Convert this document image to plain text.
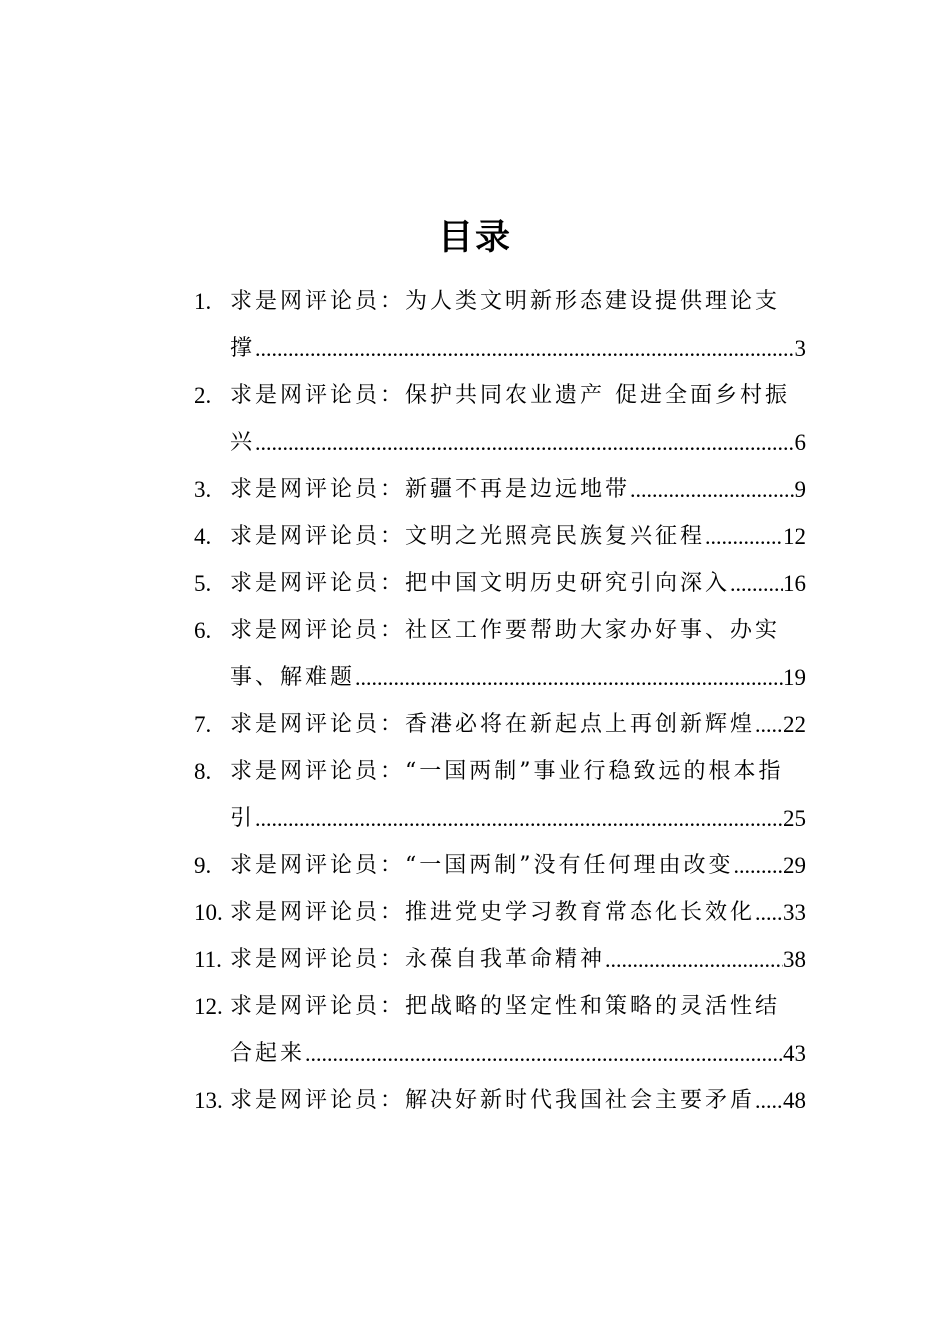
目录
1. 求是网评论员：为人类文明新形态建设提供理论支
撑 .....	3
2. 求是网评论员：保护共同农业遗产 促进全面乡村振
兴 .....	6
3. 求是网评论员：新疆不再是边远地带 .....	9
4. 求是网评论员：文明之光照亮民族复兴征程 .....	12
5. 求是网评论员：把中国文明历史研究引向深入 ..... 16
6. 求是网评论员：社区工作要帮助大家办好事、办实
事、解难题 .....	19
7. 求是网评论员：香港必将在新起点上再创新辉煌 ..... 22
8. 求是网评论员：“一国两制”事业行稳致远的根本指
引 .....	25
9. 求是网评论员：“一国两制”没有任何理由改变 ..... 29
10. 求是网评论员：推进党史学习教育常态化长效化 ..... 33
11. 求是网评论员：永葆自我革命精神 .....	38
12. 求是网评论员：把战略的坚定性和策略的灵活性结
合起来 .....	43
13. 求是网评论员：解决好新时代我国社会主要矛盾 ..... 48
